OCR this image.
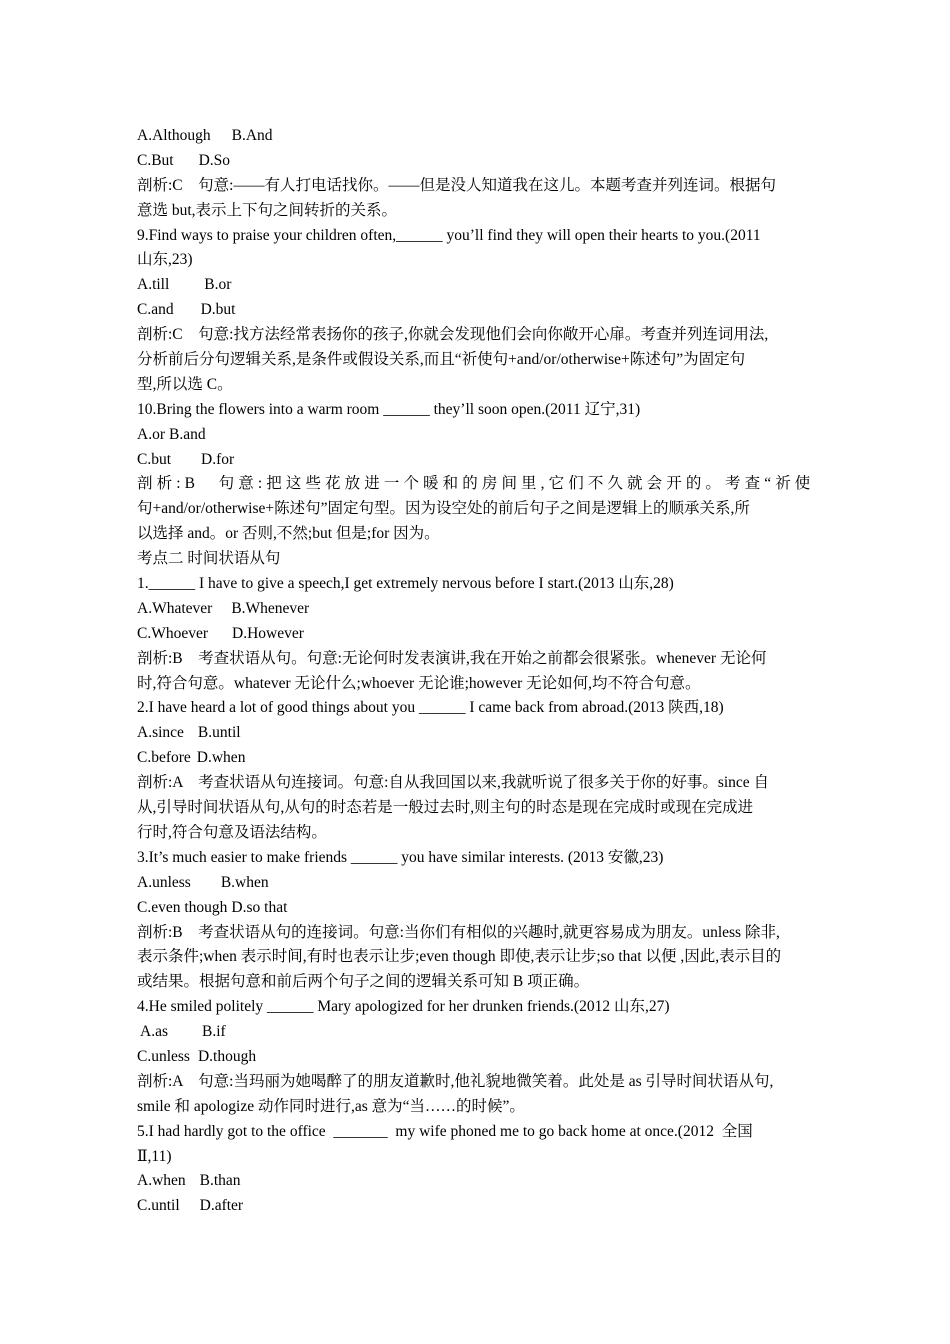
A.Although B.And
C.But D.So
剖析:C　句意:——有人打电话找你。——但是没人知道我在这儿。本题考查并列连词。根据句
意选 but,表示上下句之间转折的关系。
9.Find ways to praise your children often,______ you’ll find they will open their hearts to you.(2011
山东,23)
A.till B.or
C.and D.but
剖析:C　句意:找方法经常表扬你的孩子,你就会发现他们会向你敞开心扉。考查并列连词用法,
分析前后分句逻辑关系,是条件或假设关系,而且“祈使句+and/or/otherwise+陈述句”为固定句
型,所以选 C。
10.Bring the flowers into a warm room ______ they’ll soon open.(2011 辽宁,31)
A.or B.and
C.but D.for
剖析:B　句意:把这些花放进一个暖和的房间里,它们不久就会开的。考查“祈使
句+and/or/otherwise+陈述句”固定句型。因为设空处的前后句子之间是逻辑上的顺承关系,所
以选择 and。or 否则,不然;but 但是;for 因为。
考点二 时间状语从句
1.______ I have to give a speech,I get extremely nervous before I start.(2013 山东,28)
A.Whatever B.Whenever
C.Whoever D.However
剖析:B　考查状语从句。句意:无论何时发表演讲,我在开始之前都会很紧张。whenever 无论何
时,符合句意。whatever 无论什么;whoever 无论谁;however 无论如何,均不符合句意。
2.I have heard a lot of good things about you ______ I came back from abroad.(2013 陕西,18)
A.since B.until
C.before D.when
剖析:A　考查状语从句连接词。句意:自从我回国以来,我就听说了很多关于你的好事。since 自
从,引导时间状语从句,从句的时态若是一般过去时,则主句的时态是现在完成时或现在完成进
行时,符合句意及语法结构。
3.It’s much easier to make friends ______ you have similar interests. (2013 安徽,23)
A.unless B.when
C.even though D.so that
剖析:B　考查状语从句的连接词。句意:当你们有相似的兴趣时,就更容易成为朋友。unless 除非,
表示条件;when 表示时间,有时也表示让步;even though 即使,表示让步;so that 以便 ,因此,表示目的
或结果。根据句意和前后两个句子之间的逻辑关系可知 B 项正确。
4.He smiled politely ______ Mary apologized for her drunken friends.(2012 山东,27)
A.as B.if
C.unless D.though
剖析:A　句意:当玛丽为她喝醉了的朋友道歉时,他礼貌地微笑着。此处是 as 引导时间状语从句,
smile 和 apologize 动作同时进行,as 意为“当……的时候”。
5.I had hardly got to the office  _______  my wife phoned me to go back home at once.(2012  全国
Ⅱ,11)
A.when B.than
C.until D.after
